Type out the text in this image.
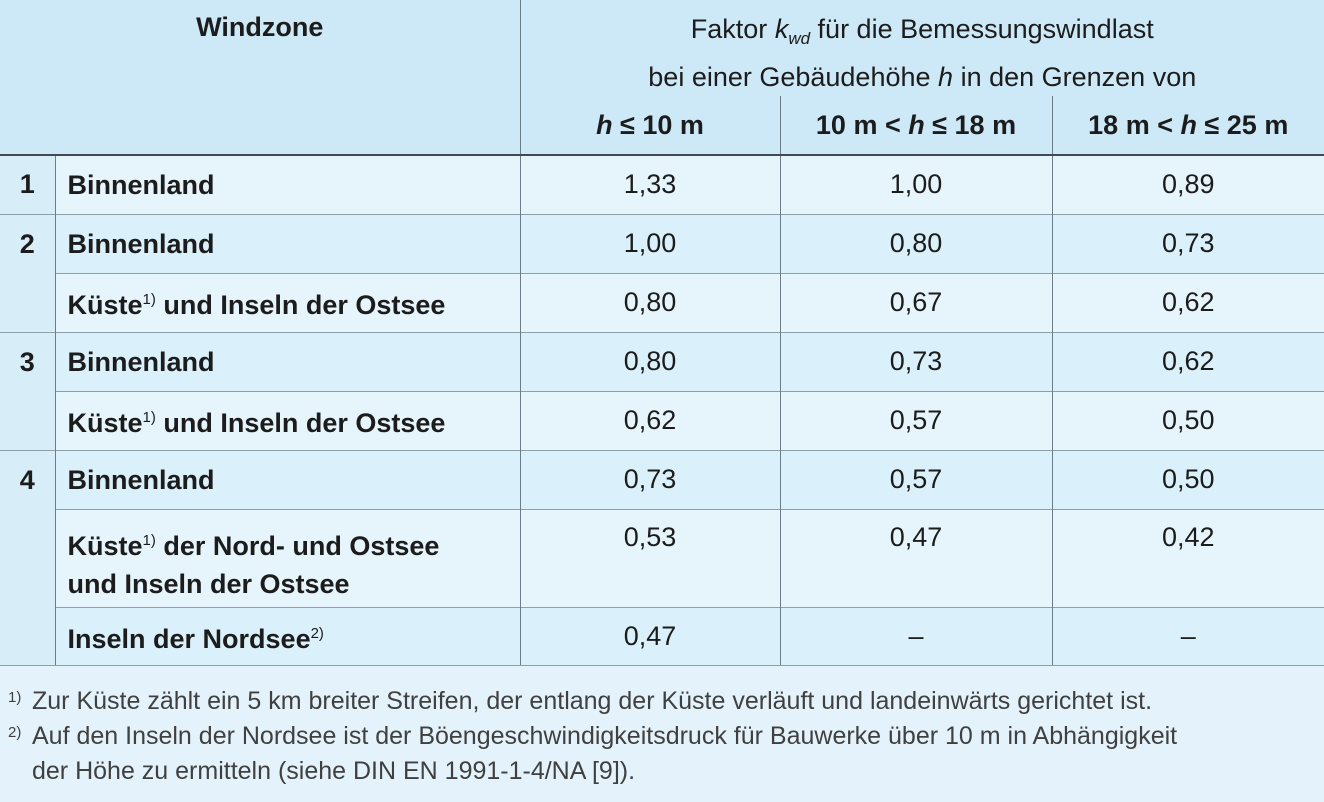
Windzone		Faktor $k_{wd}$ für die Bemessungswindlast
bei einer Gebäudehöhe h in den Grenzen von		
		h ≤ 10 m	10 m < h ≤ 18 m	18 m < h ≤ 25 m
1	Binnenland	1,33	1,00	0,89
2	Binnenland	1,00	0,80	0,73
	Küste$^{1)}$ und Inseln der Ostsee	0,80	0,67	0,62
3	Binnenland	0,80	0,73	0,62
	Küste$^{1)}$ und Inseln der Ostsee	0,62	0,57	0,50
4	Binnenland	0,73	0,57	0,50
	Küste$^{1)}$ der Nord- und Ostsee
und Inseln der Ostsee	0,53	0,47	0,42
	Inseln der Nordsee$^{2)}$	0,47	–	–
1) Zur Küste zählt ein 5 km breiter Streifen, der entlang der Küste verläuft und landeinwärts gerichtet ist.
2) Auf den Inseln der Nordsee ist der Böengeschwindigkeitsdruck für Bauwerke über 10 m in Abhängigkeit
der Höhe zu ermitteln (siehe DIN EN 1991-1-4/NA [9]).
